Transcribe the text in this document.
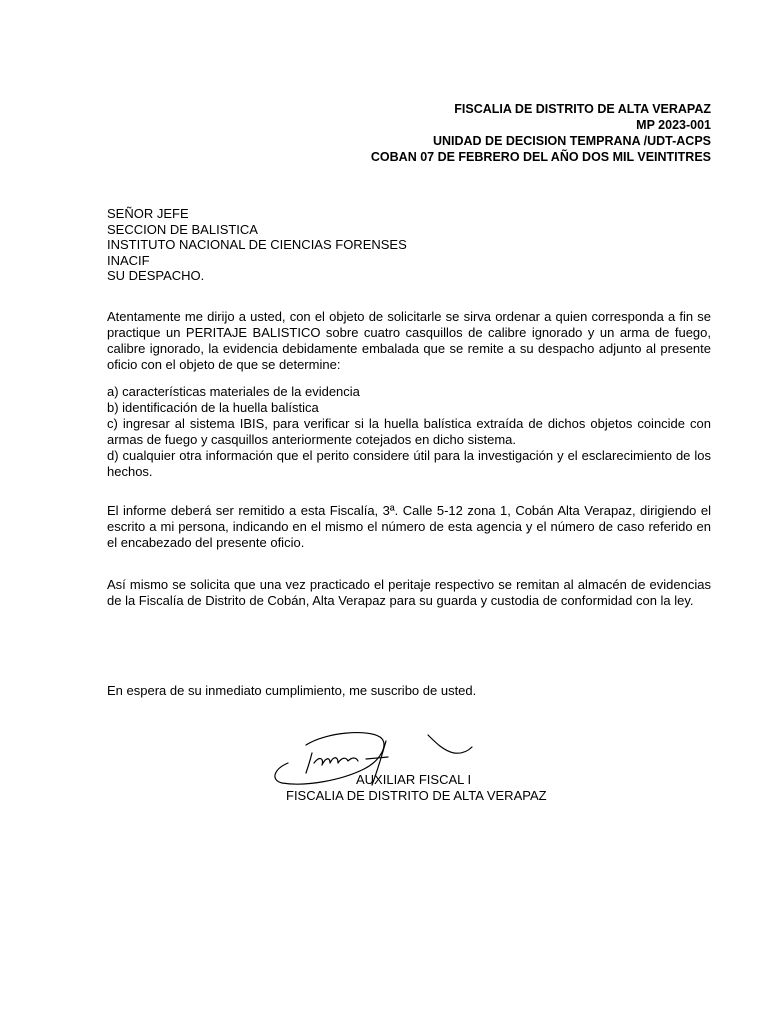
FISCALIA DE DISTRITO DE ALTA VERAPAZ
MP 2023-001
UNIDAD DE DECISION TEMPRANA /UDT-ACPS
COBAN 07 DE FEBRERO DEL AÑO DOS MIL VEINTITRES
SEÑOR JEFE
SECCION DE BALISTICA
INSTITUTO NACIONAL DE CIENCIAS FORENSES
INACIF
SU DESPACHO.
Atentamente me dirijo a usted, con el objeto de solicitarle se sirva ordenar a quien corresponda a fin se practique un PERITAJE BALISTICO sobre cuatro casquillos de calibre ignorado y un arma de fuego, calibre ignorado, la evidencia debidamente embalada que se remite a su despacho adjunto al presente oficio con el objeto de que se determine:
a) características materiales de la evidencia
b) identificación de la huella balística
c) ingresar al sistema IBIS, para verificar si la huella balística extraída de dichos objetos coincide con armas de fuego y casquillos anteriormente cotejados en dicho sistema.
d) cualquier otra información que el perito considere útil para la investigación y el esclarecimiento de los hechos.
El informe deberá ser remitido a esta Fiscalía, 3ª. Calle 5-12 zona 1, Cobán Alta Verapaz, dirigiendo el escrito a mi persona, indicando en el mismo el número de esta agencia y el número de caso referido en el encabezado del presente oficio.
Así mismo se solicita que una vez practicado el peritaje respectivo se remitan al almacén de evidencias de la Fiscalía de Distrito de Cobán, Alta Verapaz para su guarda y custodia de conformidad con la ley.
En espera de su inmediato cumplimiento, me suscribo de usted.
AUXILIAR FISCAL I
FISCALIA DE DISTRITO DE ALTA VERAPAZ
